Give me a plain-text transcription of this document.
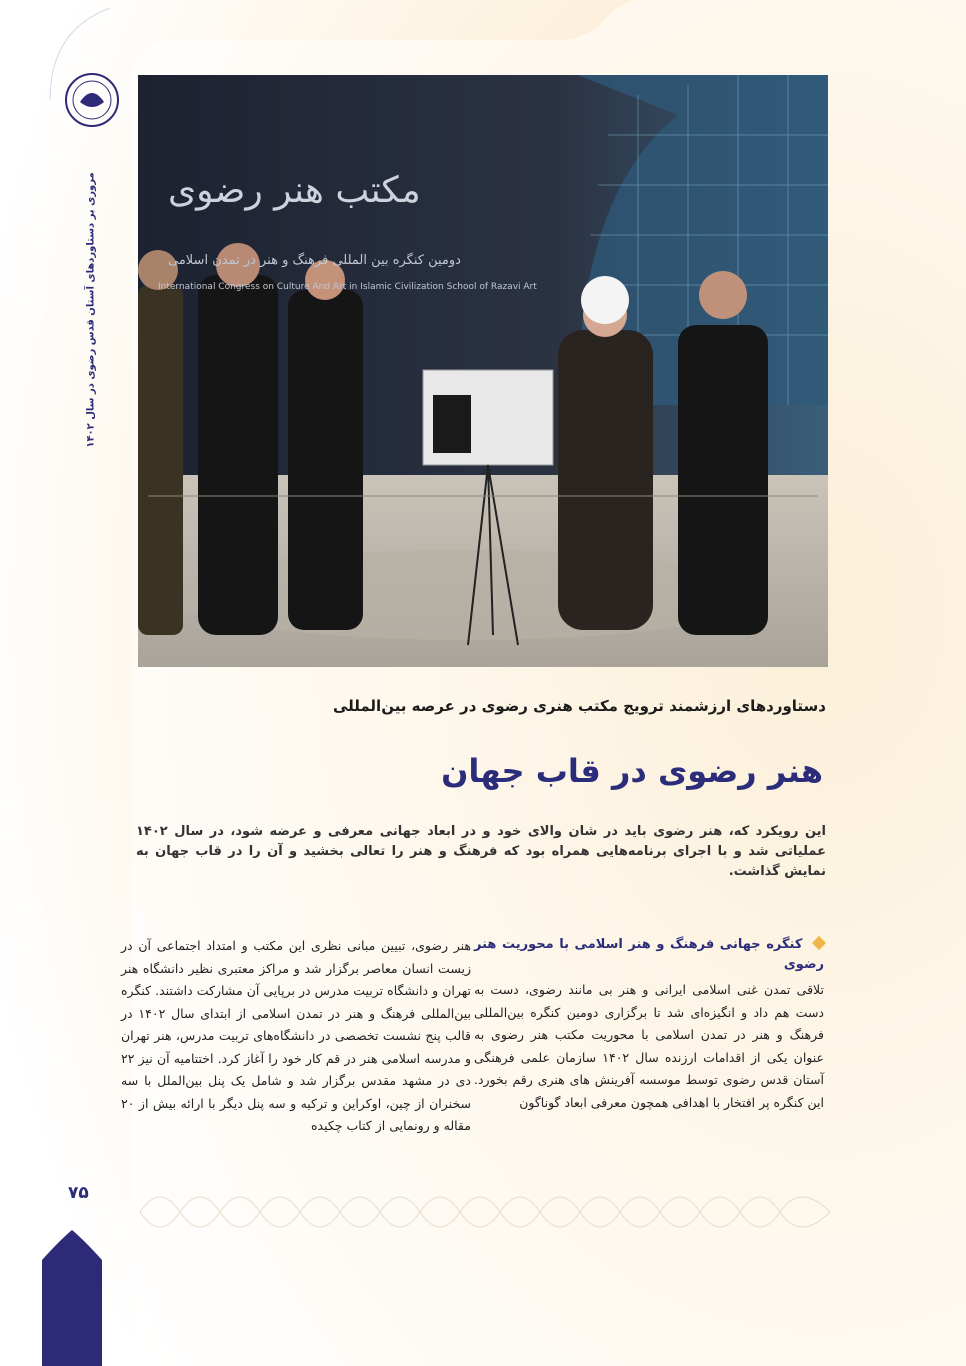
مروری بر دستاوردهای آستان قدس رضوی در سال ۱۴۰۲ مکتب هنر رضوی
دومین کنگره بین المللی فرهنگ و هنر در تمدن اسلامی
International Congress on Culture And Art in Islamic Civilization School of Razavi Art
دستاوردهای ارزشمند ترویج مکتب هنری رضوی در عرصه بین‌المللی
هنر رضوی در قاب جهان
این رویکرد که، هنر رضوی باید در شان والای خود و در ابعاد جهانی معرفی و عرضه شود، در سال ۱۴۰۲ عملیاتی شد و با اجرای برنامه‌هایی همراه بود که فرهنگ و هنر را تعالی بخشید و آن را در قاب جهان به نمایش گذاشت.
کنگره جهانی فرهنگ و هنر اسلامی با محوریت هنر رضوی
تلاقی تمدن غنی اسلامی ایرانی و هنر بی مانند رضوی، دست به دست هم داد و انگیزه‌ای شد تا برگزاری دومین کنگره بین‌المللی فرهنگ و هنر در تمدن اسلامی با محوریت مکتب هنر رضوی به عنوان یکی از اقدامات ارزنده سال ۱۴۰۲ سازمان علمی فرهنگی آستان قدس رضوی توسط موسسه آفرینش های هنری رقم بخورد. این کنگره پر افتخار با اهدافی همچون معرفی ابعاد گوناگون
هنر رضوی، تبیین مبانی نظری این مکتب و امتداد اجتماعی آن در زیست انسان معاصر برگزار شد و مراکز معتبری نظیر دانشگاه هنر تهران و دانشگاه تربیت مدرس در برپایی آن مشارکت داشتند. کنگره بین‌المللی فرهنگ و هنر در تمدن اسلامی از ابتدای سال ۱۴۰۲ در قالب پنج نشست تخصصی در دانشگاه‌های تربیت مدرس، هنر تهران و مدرسه اسلامی هنر در قم کار خود را آغاز کرد. اختتامیه آن نیز ۲۲ دی در مشهد مقدس برگزار شد و شامل یک پنل بین‌الملل با سه سخنران از چین، اوکراین و ترکیه و سه پنل دیگر با ارائه بیش از ۲۰ مقاله و رونمایی از کتاب چکیده
۷۵
